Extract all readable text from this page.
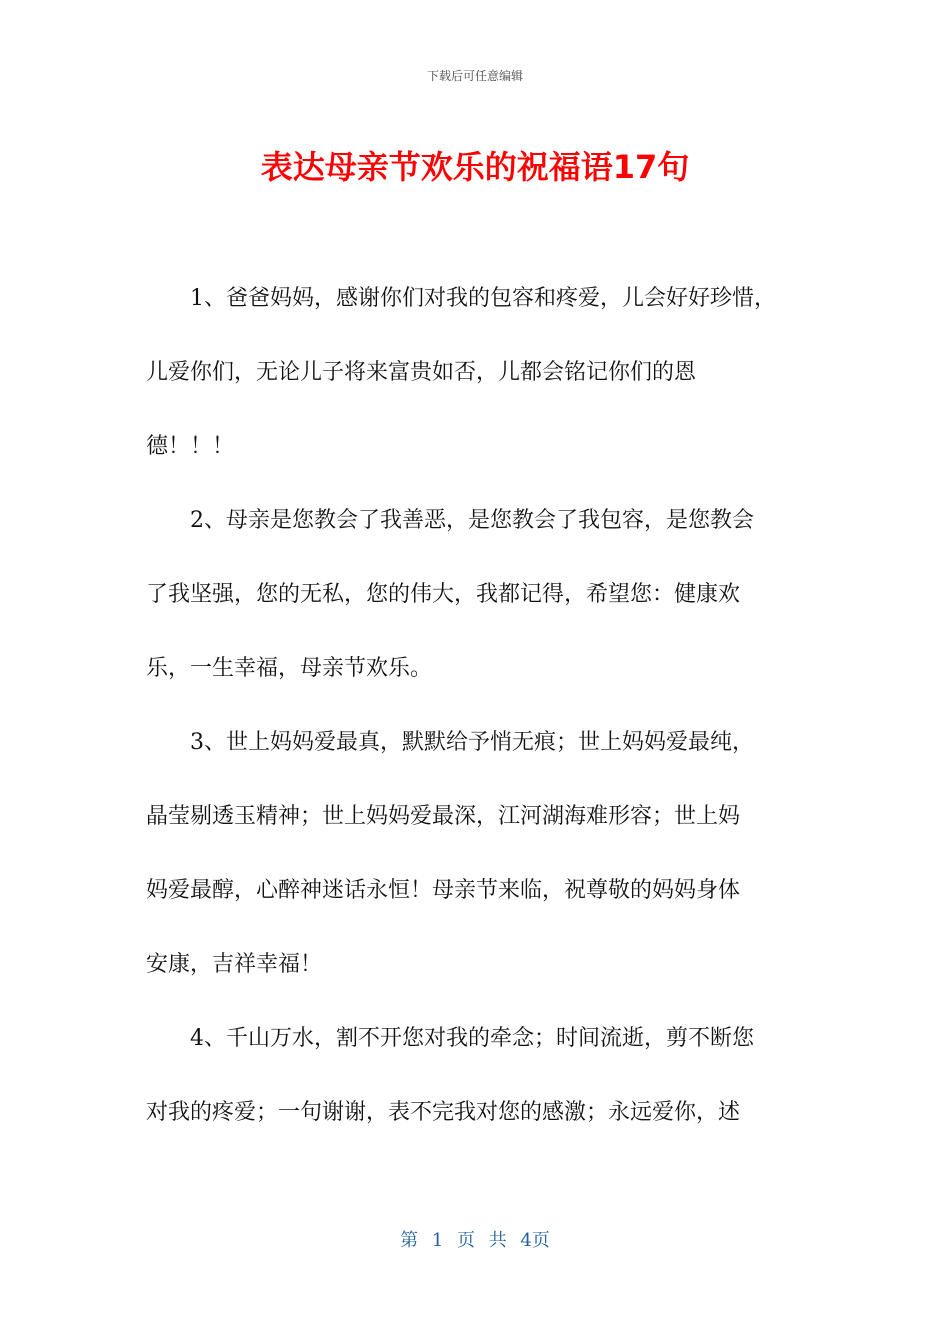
下载后可任意编辑
表达母亲节欢乐的祝福语17句

1、爸爸妈妈，感谢你们对我的包容和疼爱，儿会好好珍惜，
儿爱你们，无论儿子将来富贵如否，儿都会铭记你们的恩
德！！！

2、母亲是您教会了我善恶，是您教会了我包容，是您教会
了我坚强，您的无私，您的伟大，我都记得，希望您：健康欢
乐，一生幸福，母亲节欢乐。

3、世上妈妈爱最真，默默给予悄无痕；世上妈妈爱最纯，
晶莹剔透玉精神；世上妈妈爱最深，江河湖海难形容；世上妈
妈爱最醇，心醉神迷话永恒！母亲节来临，祝尊敬的妈妈身体
安康，吉祥幸福！

4、千山万水，割不开您对我的牵念；时间流逝，剪不断您
对我的疼爱；一句谢谢，表不完我对您的感激；永远爱你，述

第 1 页 共 4页
